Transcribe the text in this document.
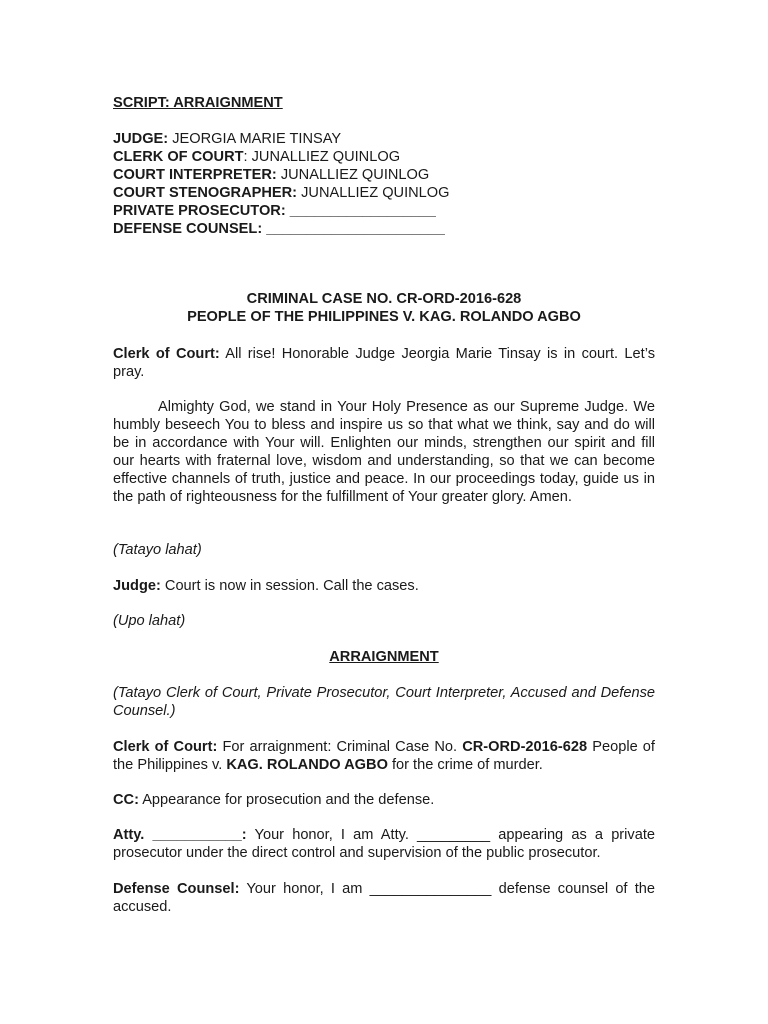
SCRIPT: ARRAIGNMENT
JUDGE: JEORGIA MARIE TINSAY
CLERK OF COURT: JUNALLIEZ QUINLOG
COURT INTERPRETER: JUNALLIEZ QUINLOG
COURT STENOGRAPHER: JUNALLIEZ QUINLOG
PRIVATE PROSECUTOR: __________________
DEFENSE COUNSEL: ______________________
CRIMINAL CASE NO. CR-ORD-2016-628
PEOPLE OF THE PHILIPPINES V. KAG. ROLANDO AGBO

Clerk of Court: All rise! Honorable Judge Jeorgia Marie Tinsay is in court. Let’s pray.

Almighty God, we stand in Your Holy Presence as our Supreme Judge. We humbly beseech You to bless and inspire us so that what we think, say and do will be in accordance with Your will. Enlighten our minds, strengthen our spirit and fill our hearts with fraternal love, wisdom and understanding, so that we can become effective channels of truth, justice and peace. In our proceedings today, guide us in the path of righteousness for the fulfillment of Your greater glory. Amen.

(Tatayo lahat)

Judge: Court is now in session. Call the cases.

(Upo lahat)

ARRAIGNMENT

(Tatayo Clerk of Court, Private Prosecutor, Court Interpreter, Accused and Defense Counsel.)

Clerk of Court: For arraignment: Criminal Case No. CR-ORD-2016-628 People of the Philippines v. KAG. ROLANDO AGBO for the crime of murder.

CC: Appearance for prosecution and the defense.

Atty. ___________: Your honor, I am Atty. _________ appearing as a private prosecutor under the direct control and supervision of the public prosecutor.

Defense Counsel: Your honor, I am _______________ defense counsel of the accused.
